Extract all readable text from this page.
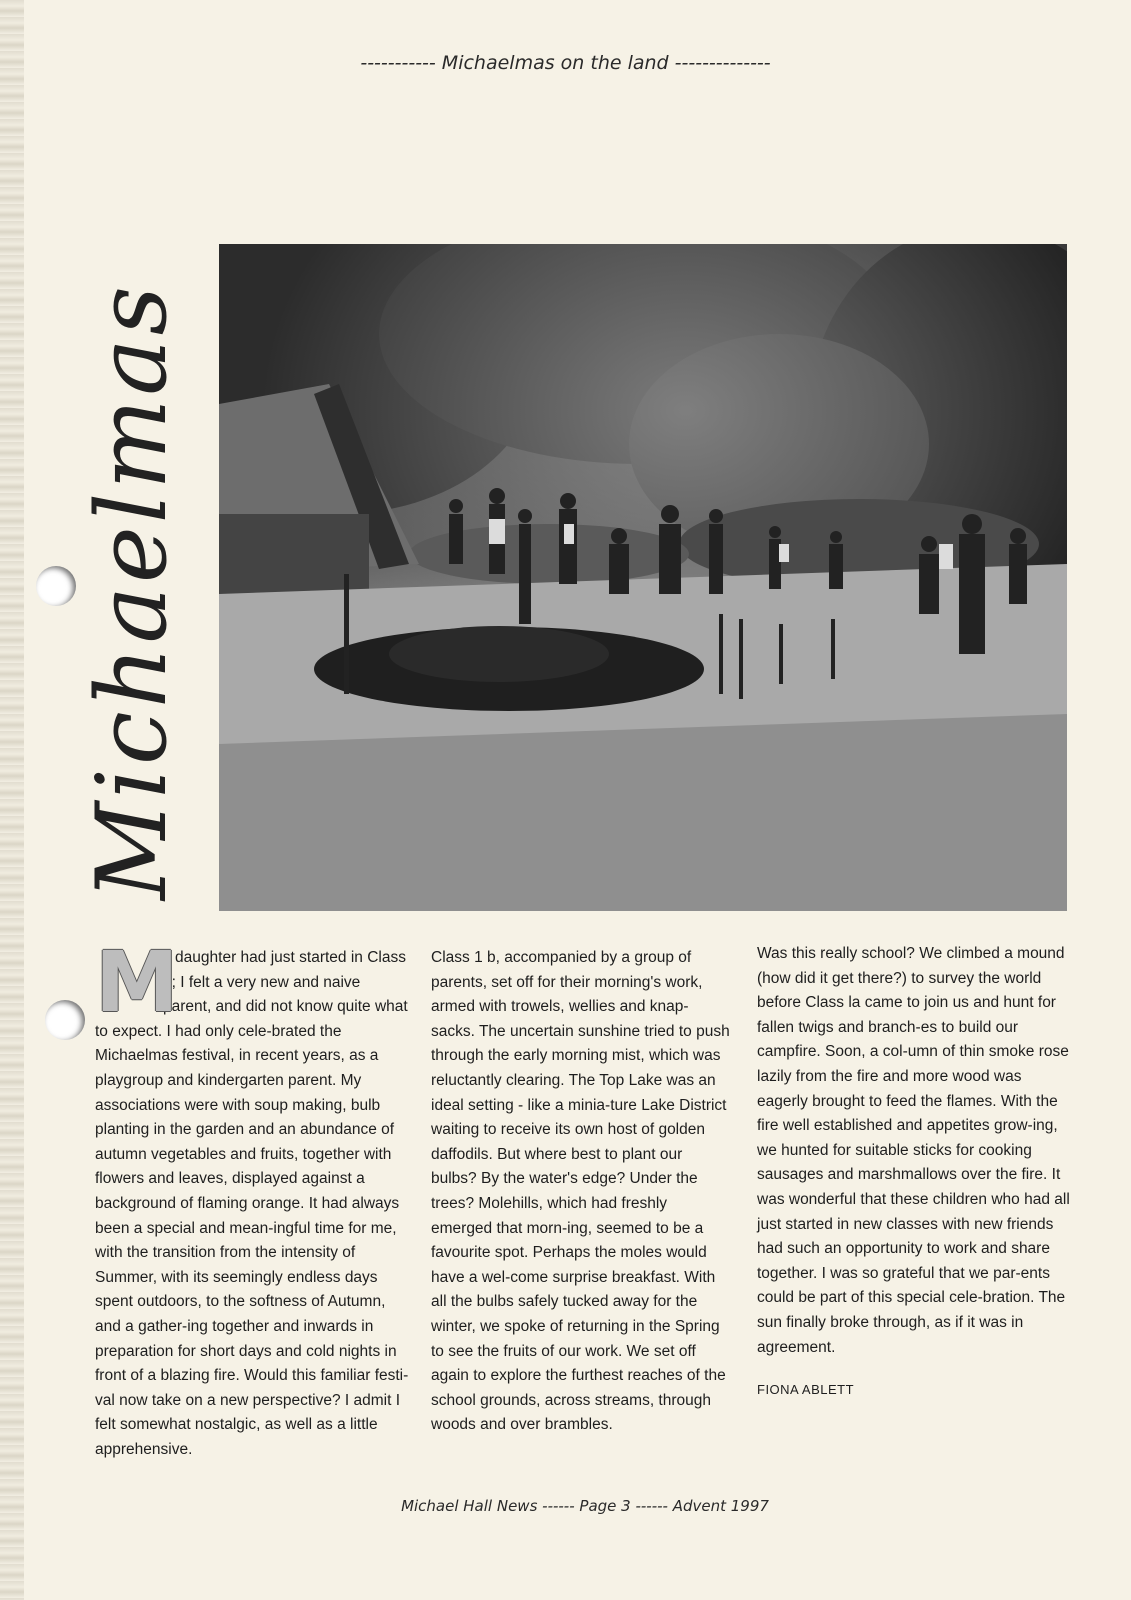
----------- Michaelmas on the land --------------
Michaelmas
M

y daughter had just started in Class 1; I felt a very new and naive parent, and did not know quite what to expect. I had only cele-brated the Michaelmas festival, in recent years, as a playgroup and kindergarten parent. My associations were with soup making, bulb planting in the garden and an abundance of autumn vegetables and fruits, together with flowers and leaves, displayed against a background of flaming orange. It had always been a special and mean-ingful time for me, with the transition from the intensity of Summer, with its seemingly endless days spent outdoors, to the softness of Autumn, and a gather-ing together and inwards in preparation for short days and cold nights in front of a blazing fire. Would this familiar festi-val now take on a new perspective? I admit I felt somewhat nostalgic, as well as a little apprehensive.

Class 1 b, accompanied by a group of parents, set off for their morning's work, armed with trowels, wellies and knap-sacks. The uncertain sunshine tried to push through the early morning mist, which was reluctantly clearing. The Top Lake was an ideal setting - like a minia-ture Lake District waiting to receive its own host of golden daffodils. But where best to plant our bulbs? By the water's edge? Under the trees? Molehills, which had freshly emerged that morn-ing, seemed to be a favourite spot. Perhaps the moles would have a wel-come surprise breakfast. With all the bulbs safely tucked away for the winter, we spoke of returning in the Spring to see the fruits of our work. We set off again to explore the furthest reaches of the school grounds, across streams, through woods and over brambles.

Was this really school? We climbed a mound (how did it get there?) to survey the world before Class la came to join us and hunt for fallen twigs and branch-es to build our campfire. Soon, a col-umn of thin smoke rose lazily from the fire and more wood was eagerly brought to feed the flames. With the fire well established and appetites grow-ing, we hunted for suitable sticks for cooking sausages and marshmallows over the fire. It was wonderful that these children who had all just started in new classes with new friends had such an opportunity to work and share together. I was so grateful that we par-ents could be part of this special cele-bration. The sun finally broke through, as if it was in agreement.

FIONA ABLETT
Michael Hall News ------ Page 3 ------ Advent 1997
